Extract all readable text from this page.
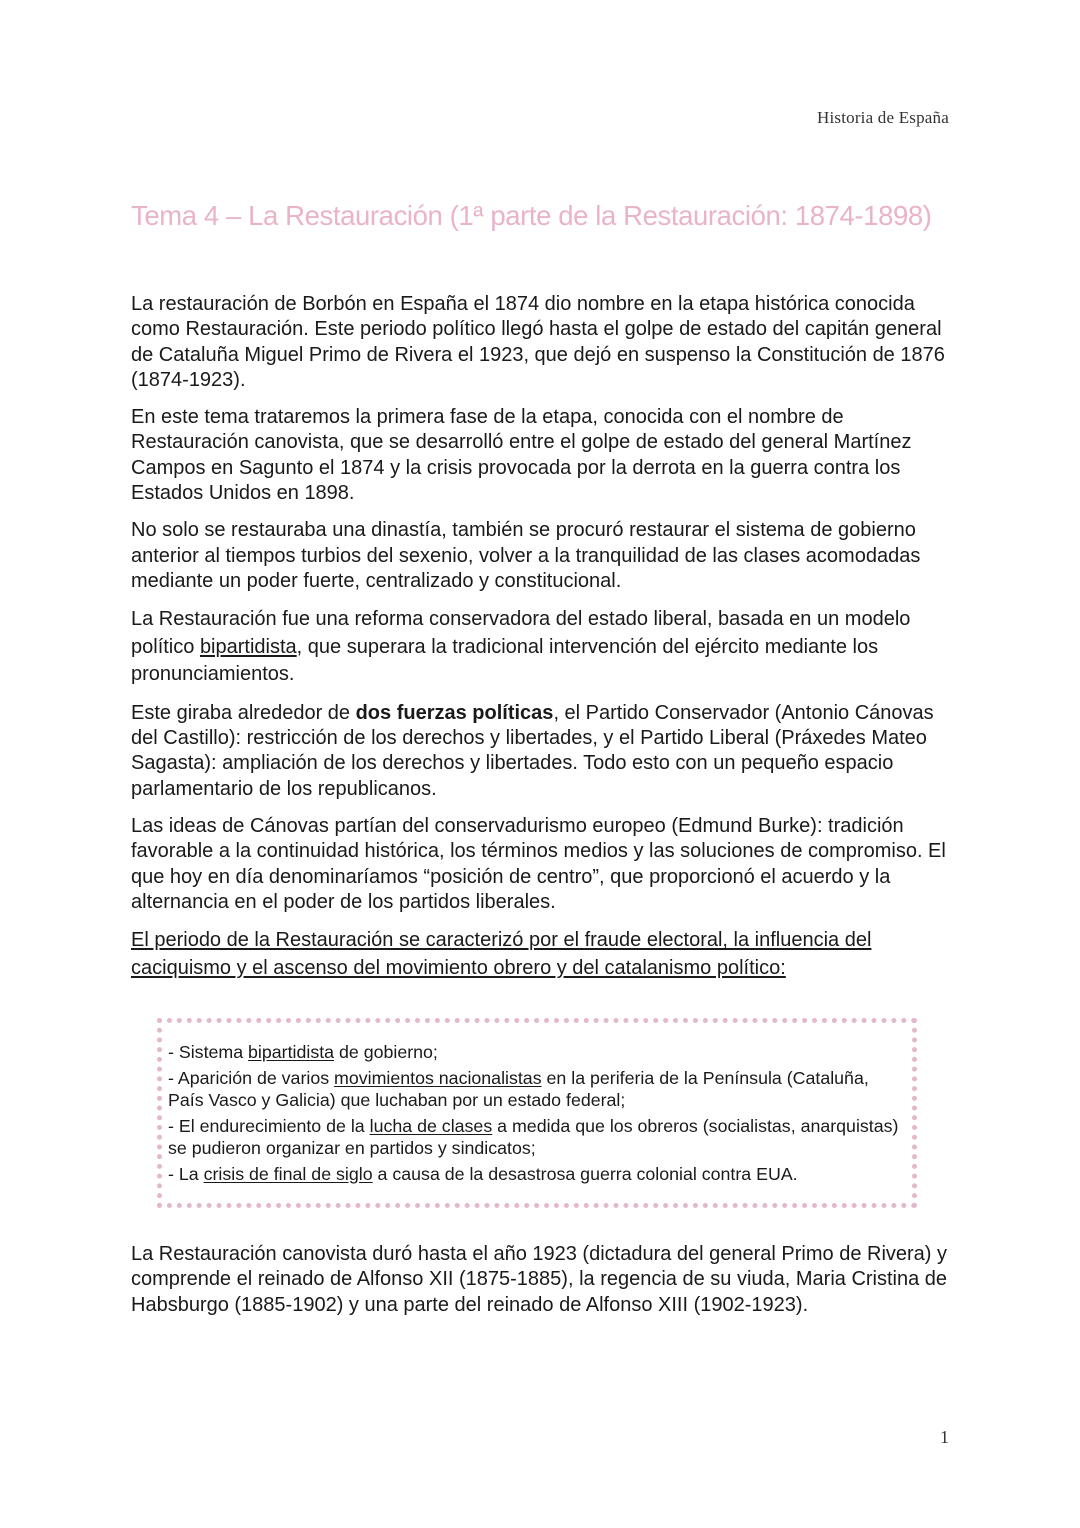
Historia de España
Tema 4 – La Restauración (1ª parte de la Restauración: 1874-1898)

La restauración de Borbón en España el 1874 dio nombre en la etapa histórica conocida como Restauración. Este periodo político llegó hasta el golpe de estado del capitán general de Cataluña Miguel Primo de Rivera el 1923, que dejó en suspenso la Constitución de 1876 (1874-1923).

En este tema trataremos la primera fase de la etapa, conocida con el nombre de Restauración canovista, que se desarrolló entre el golpe de estado del general Martínez Campos en Sagunto el 1874 y la crisis provocada por la derrota en la guerra contra los Estados Unidos en 1898.

No solo se restauraba una dinastía, también se procuró restaurar el sistema de gobierno anterior al tiempos turbios del sexenio, volver a la tranquilidad de las clases acomodadas mediante un poder fuerte, centralizado y constitucional.

La Restauración fue una reforma conservadora del estado liberal, basada en un modelo político bipartidista, que superara la tradicional intervención del ejército mediante los pronunciamientos.

Este giraba alrededor de dos fuerzas políticas, el Partido Conservador (Antonio Cánovas del Castillo): restricción de los derechos y libertades, y el Partido Liberal (Práxedes Mateo Sagasta): ampliación de los derechos y libertades. Todo esto con un pequeño espacio parlamentario de los republicanos.

Las ideas de Cánovas partían del conservadurismo europeo (Edmund Burke): tradición favorable a la continuidad histórica, los términos medios y las soluciones de compromiso. El que hoy en día denominaríamos “posición de centro”, que proporcionó el acuerdo y la alternancia en el poder de los partidos liberales.

El periodo de la Restauración se caracterizó por el fraude electoral, la influencia del caciquismo y el ascenso del movimiento obrero y del catalanismo político:

- Sistema bipartidista de gobierno;
- Aparición de varios movimientos nacionalistas en la periferia de la Península (Cataluña, País Vasco y Galicia) que luchaban por un estado federal;
- El endurecimiento de la lucha de clases a medida que los obreros (socialistas, anarquistas) se pudieron organizar en partidos y sindicatos;
- La crisis de final de siglo a causa de la desastrosa guerra colonial contra EUA.

La Restauración canovista duró hasta el año 1923 (dictadura del general Primo de Rivera) y comprende el reinado de Alfonso XII (1875-1885), la regencia de su viuda, Maria Cristina de Habsburgo (1885-1902) y una parte del reinado de Alfonso XIII (1902-1923).

1
